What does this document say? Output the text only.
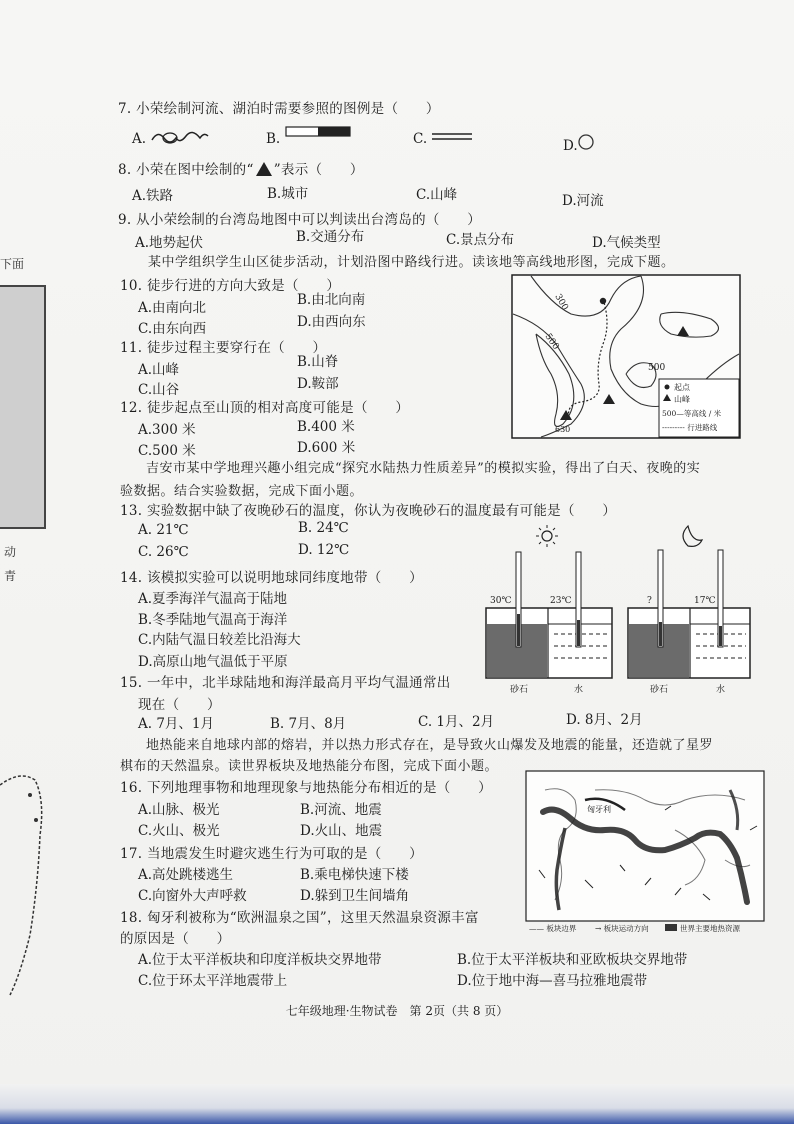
下面
动
青
7. 小荣绘制河流、湖泊时需要参照的图例是（　　）
A.	B.	C.	D.
8. 小荣在图中绘制的“ ”表示（　　）
A.铁路	B.城市	C.山峰	D.河流
9. 从小荣绘制的台湾岛地图中可以判读出台湾岛的（　　）
A.地势起伏	B.交通分布	C.景点分布	D.气候类型
某中学组织学生山区徒步活动，计划沿图中路线行进。读该地等高线地形图，完成下题。
10. 徒步行进的方向大致是（　　）
A.由南向北	B.由北向南
C.由东向西	D.由西向东
11. 徒步过程主要穿行在（　　）
A.山峰	B.山脊
C.山谷	D.鞍部
12. 徒步起点至山顶的相对高度可能是（　　）
A.300 米	B.400 米
C.500 米	D.600 米
300
500
500
630
起点
山峰
500—等高线 / 米
--------- 行进路线
吉安市某中学地理兴趣小组完成“探究水陆热力性质差异”的模拟实验，得出了白天、夜晚的实
验数据。结合实验数据，完成下面小题。
13. 实验数据中缺了夜晚砂石的温度，你认为夜晚砂石的温度最有可能是（　　）
A. 21℃	B. 24℃
C. 26℃	D. 12℃
14. 该模拟实验可以说明地球同纬度地带（　　）
A.夏季海洋气温高于陆地
B.冬季陆地气温高于海洋
C.内陆气温日较差比沿海大
D.高原山地气温低于平原
15. 一年中，北半球陆地和海洋最高月平均气温通常出
现在（　　）
A. 7月、1月	B. 7月、8月	C. 1月、2月	D. 8月、2月
30℃	23℃
砂石	水
?	17℃
砂石	水
地热能来自地球内部的熔岩，并以热力形式存在，是导致火山爆发及地震的能量，还造就了星罗
棋布的天然温泉。读世界板块及地热能分布图，完成下面小题。
16. 下列地理事物和地理现象与地热能分布相近的是（　　）
A.山脉、极光	B.河流、地震
C.火山、极光	D.火山、地震
17. 当地震发生时避灾逃生行为可取的是（　　）
A.高处跳楼逃生	B.乘电梯快速下楼
C.向窗外大声呼救	D.躲到卫生间墙角
18. 匈牙利被称为“欧洲温泉之国”，这里天然温泉资源丰富
的原因是（　　）
A.位于太平洋板块和印度洋板块交界地带	B.位于太平洋板块和亚欧板块交界地带
C.位于环太平洋地震带上	D.位于地中海—喜马拉雅地震带
匈牙利
—— 板块边界 → 板块运动方向	世界主要地热资源
七年级地理·生物试卷　第 2页（共 8 页）
